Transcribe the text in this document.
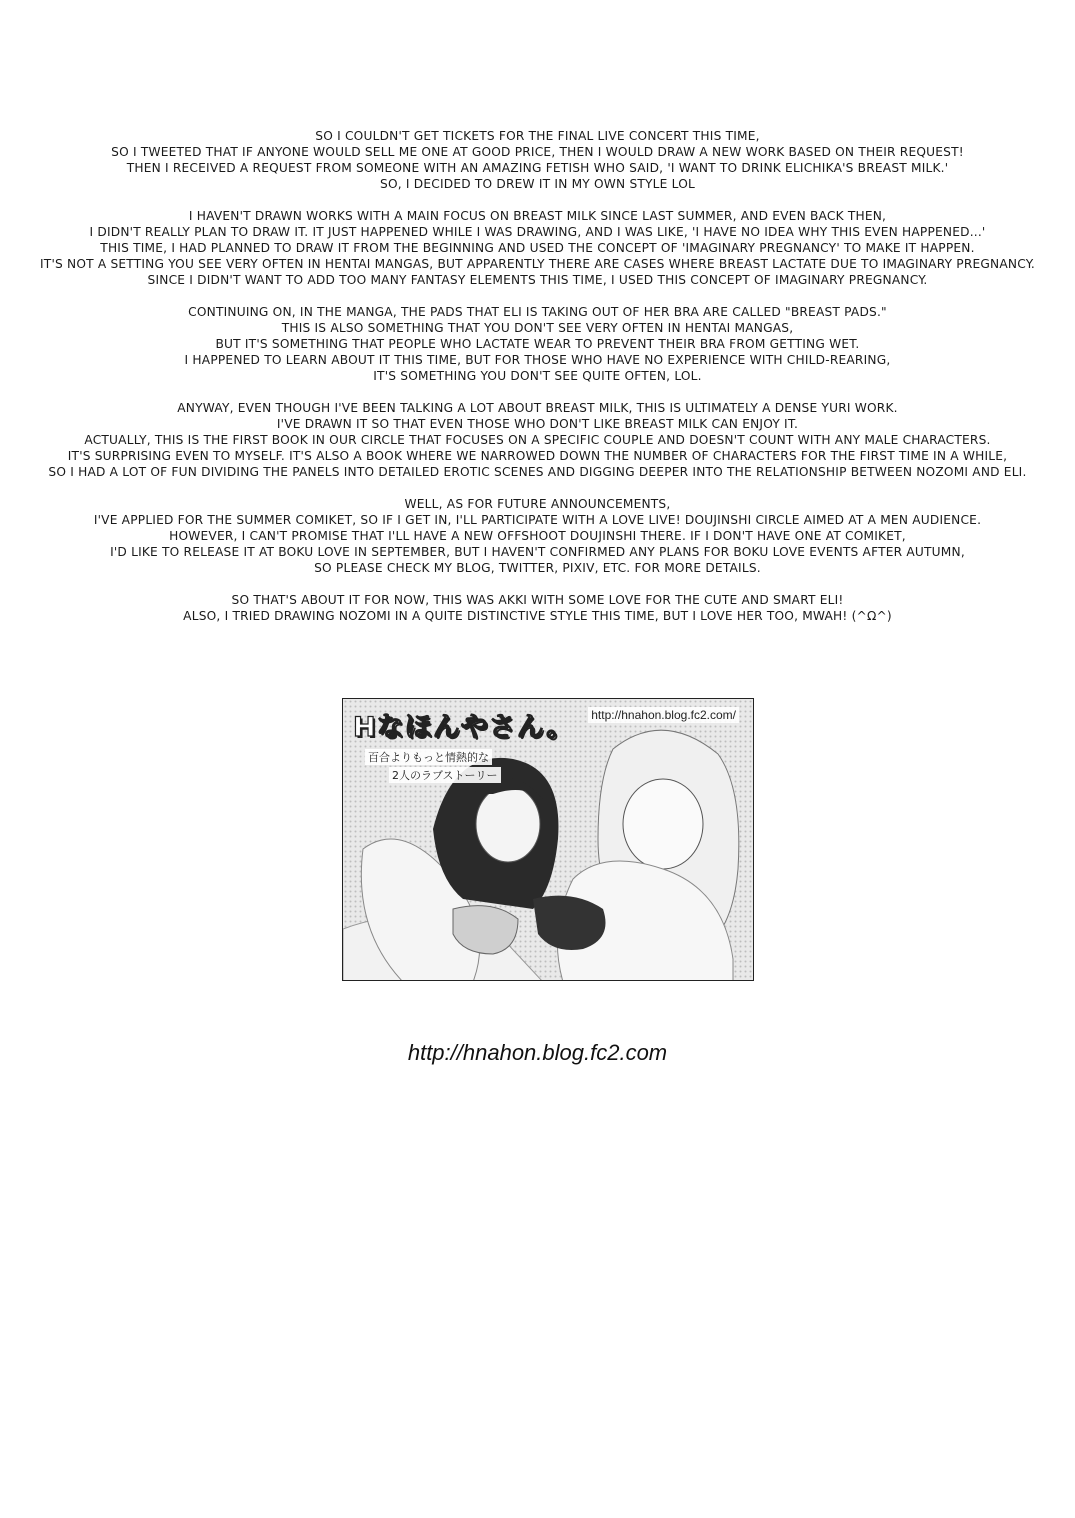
SO I COULDN'T GET TICKETS FOR THE FINAL LIVE CONCERT THIS TIME,
SO I TWEETED THAT IF ANYONE WOULD SELL ME ONE AT GOOD PRICE, THEN I WOULD DRAW A NEW WORK BASED ON THEIR REQUEST!
THEN I RECEIVED A REQUEST FROM SOMEONE WITH AN AMAZING FETISH WHO SAID, 'I WANT TO DRINK ELICHIKA'S BREAST MILK.'
SO, I DECIDED TO DREW IT IN MY OWN STYLE LOL
I HAVEN'T DRAWN WORKS WITH A MAIN FOCUS ON BREAST MILK SINCE LAST SUMMER, AND EVEN BACK THEN,
I DIDN'T REALLY PLAN TO DRAW IT. IT JUST HAPPENED WHILE I WAS DRAWING, AND I WAS LIKE, 'I HAVE NO IDEA WHY THIS EVEN HAPPENED...'
THIS TIME, I HAD PLANNED TO DRAW IT FROM THE BEGINNING AND USED THE CONCEPT OF 'IMAGINARY PREGNANCY' TO MAKE IT HAPPEN.
IT'S NOT A SETTING YOU SEE VERY OFTEN IN HENTAI MANGAS, BUT APPARENTLY THERE ARE CASES WHERE BREAST LACTATE DUE TO IMAGINARY PREGNANCY.
SINCE I DIDN'T WANT TO ADD TOO MANY FANTASY ELEMENTS THIS TIME, I USED THIS CONCEPT OF IMAGINARY PREGNANCY.
CONTINUING ON, IN THE MANGA, THE PADS THAT ELI IS TAKING OUT OF HER BRA ARE CALLED "BREAST PADS."
THIS IS ALSO SOMETHING THAT YOU DON'T SEE VERY OFTEN IN HENTAI MANGAS,
BUT IT'S SOMETHING THAT PEOPLE WHO LACTATE WEAR TO PREVENT THEIR BRA FROM GETTING WET.
I HAPPENED TO LEARN ABOUT IT THIS TIME, BUT FOR THOSE WHO HAVE NO EXPERIENCE WITH CHILD-REARING,
IT'S SOMETHING YOU DON'T SEE QUITE OFTEN, LOL.
ANYWAY, EVEN THOUGH I'VE BEEN TALKING A LOT ABOUT BREAST MILK, THIS IS ULTIMATELY A DENSE YURI WORK.
I'VE DRAWN IT SO THAT EVEN THOSE WHO DON'T LIKE BREAST MILK CAN ENJOY IT.
ACTUALLY, THIS IS THE FIRST BOOK IN OUR CIRCLE THAT FOCUSES ON A SPECIFIC COUPLE AND DOESN'T COUNT WITH ANY MALE CHARACTERS.
IT'S SURPRISING EVEN TO MYSELF. IT'S ALSO A BOOK WHERE WE NARROWED DOWN THE NUMBER OF CHARACTERS FOR THE FIRST TIME IN A WHILE,
SO I HAD A LOT OF FUN DIVIDING THE PANELS INTO DETAILED EROTIC SCENES AND DIGGING DEEPER INTO THE RELATIONSHIP BETWEEN NOZOMI AND ELI.
WELL, AS FOR FUTURE ANNOUNCEMENTS,
I'VE APPLIED FOR THE SUMMER COMIKET, SO IF I GET IN, I'LL PARTICIPATE WITH A LOVE LIVE! DOUJINSHI CIRCLE AIMED AT A MEN AUDIENCE.
HOWEVER, I CAN'T PROMISE THAT I'LL HAVE A NEW OFFSHOOT DOUJINSHI THERE. IF I DON'T HAVE ONE AT COMIKET,
I'D LIKE TO RELEASE IT AT BOKU LOVE IN SEPTEMBER, BUT I HAVEN'T CONFIRMED ANY PLANS FOR BOKU LOVE EVENTS AFTER AUTUMN,
SO PLEASE CHECK MY BLOG, TWITTER, PIXIV, ETC. FOR MORE DETAILS.
SO THAT'S ABOUT IT FOR NOW, THIS WAS AKKI WITH SOME LOVE FOR THE CUTE AND SMART ELI!
ALSO, I TRIED DRAWING NOZOMI IN A QUITE DISTINCTIVE STYLE THIS TIME, BUT I LOVE HER TOO, MWAH! (^Ω^)
Hなほんやさん。 http://hnahon.blog.fc2.com/
百合よりもっと情熱的な
2人のラブストーリー
http://hnahon.blog.fc2.com
